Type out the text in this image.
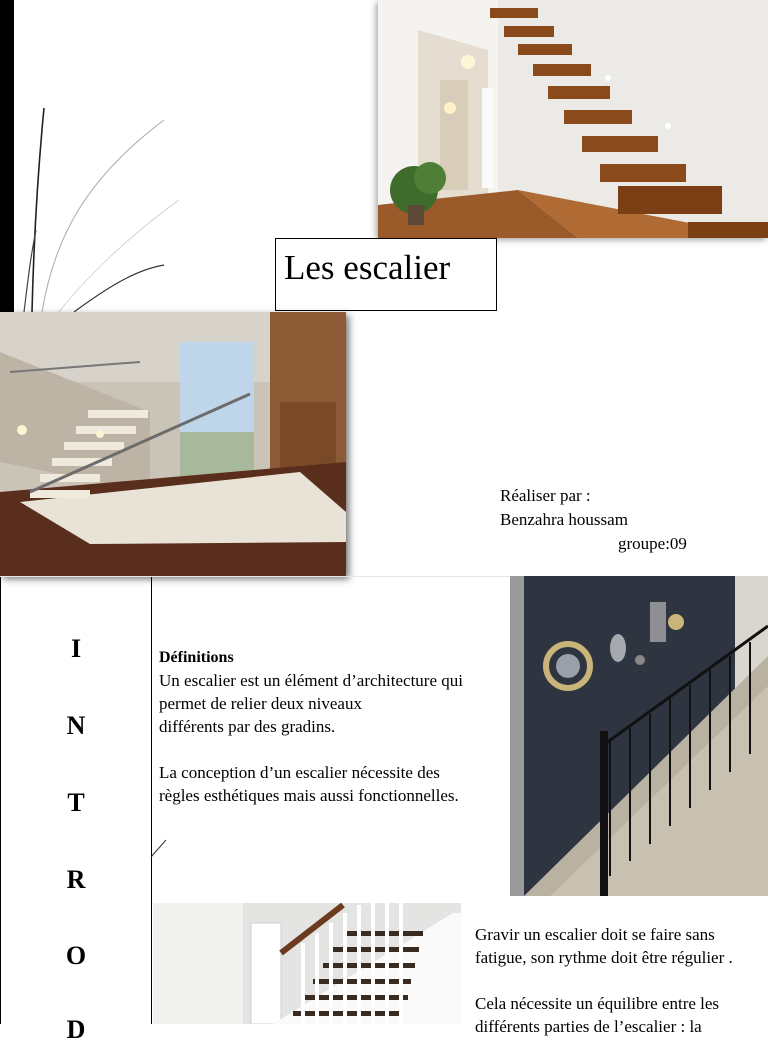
Les escalier
Réaliser par :
Benzahra houssam
groupe:09
I
N
T
R
O
D
Définitions

Un escalier est un élément d’architecture qui
permet de relier deux niveaux
différents par des gradins.

La conception d’un escalier nécessite des
règles esthétiques mais aussi fonctionnelles.

Gravir un escalier doit se faire sans
fatigue, son rythme doit être régulier .

Cela nécessite un équilibre entre les
différents parties de l’escalier : la
